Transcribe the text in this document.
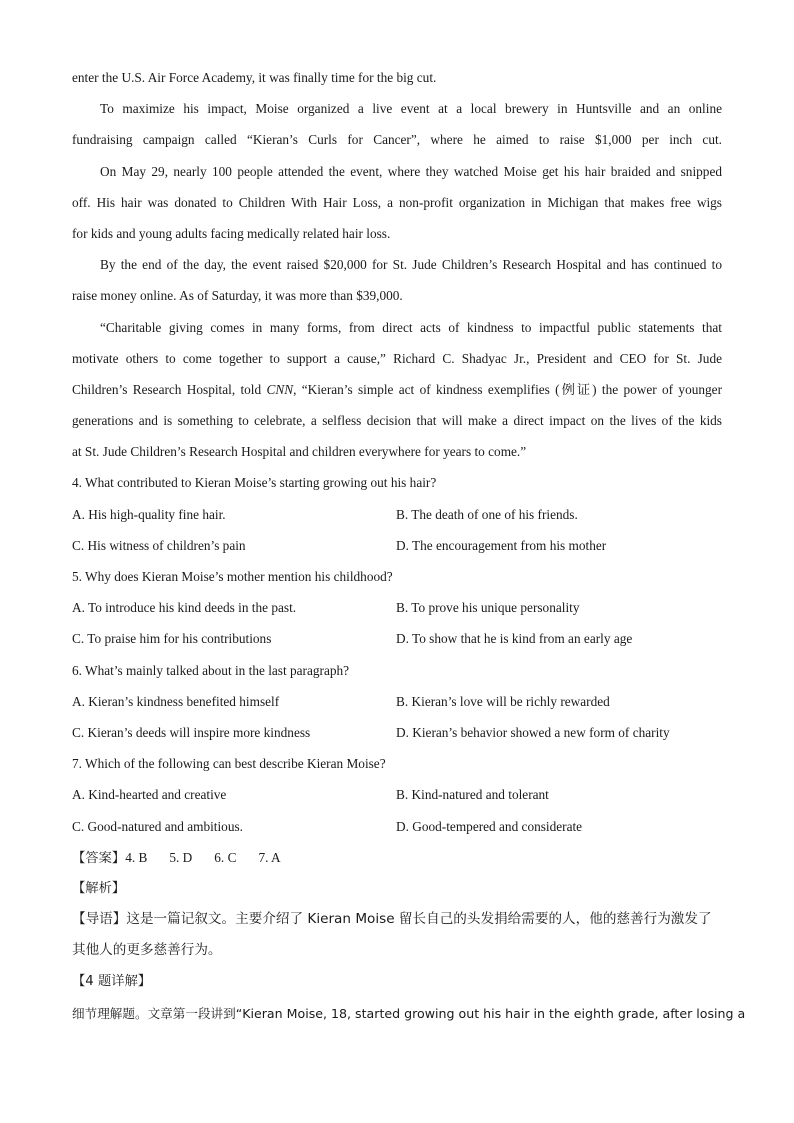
enter the U.S. Air Force Academy, it was finally time for the big cut.
To maximize his impact, Moise organized a live event at a local brewery in Huntsville and an online
fundraising campaign called “Kieran’s Curls for Cancer”, where he aimed to raise $1,000 per inch cut.
On May 29, nearly 100 people attended the event, where they watched Moise get his hair braided and snipped
off. His hair was donated to Children With Hair Loss, a non-profit organization in Michigan that makes free wigs
for kids and young adults facing medically related hair loss.
By the end of the day, the event raised $20,000 for St. Jude Children’s Research Hospital and has continued to
raise money online. As of Saturday, it was more than $39,000.
“Charitable giving comes in many forms, from direct acts of kindness to impactful public statements that
motivate others to come together to support a cause,” Richard C. Shadyac Jr., President and CEO for St. Jude
Children’s Research Hospital, told CNN, “Kieran’s simple act of kindness exemplifies (例证) the power of younger
generations and is something to celebrate, a selfless decision that will make a direct impact on the lives of the kids
at St. Jude Children’s Research Hospital and children everywhere for years to come.”
4. What contributed to Kieran Moise’s starting growing out his hair?
A. His high-quality fine hair.	B. The death of one of his friends.
C. His witness of children’s pain	D. The encouragement from his mother
5. Why does Kieran Moise’s mother mention his childhood?
A. To introduce his kind deeds in the past.	B. To prove his unique personality
C. To praise him for his contributions	D. To show that he is kind from an early age
6. What’s mainly talked about in the last paragraph?
A. Kieran’s kindness benefited himself	B. Kieran’s love will be richly rewarded
C. Kieran’s deeds will inspire more kindness	D. Kieran’s behavior showed a new form of charity
7. Which of the following can best describe Kieran Moise?
A. Kind-hearted and creative	B. Kind-natured and tolerant
C. Good-natured and ambitious.	D. Good-tempered and considerate
【答案】4. B 5. D 6. C 7. A
【解析】
【导语】这是一篇记叙文。主要介绍了 Kieran Moise 留长自己的头发捐给需要的人，他的慈善行为激发了
其他人的更多慈善行为。
【4 题详解】
细节理解题。文章第一段讲到“Kieran Moise, 18, started growing out his hair in the eighth grade, after losing a
